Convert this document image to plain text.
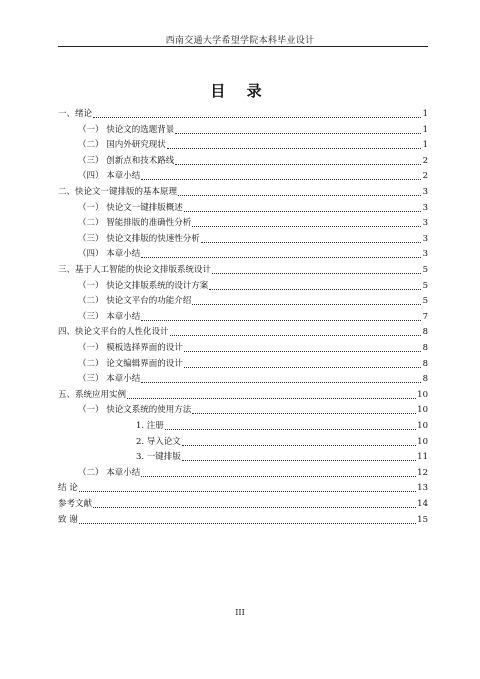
西南交通大学希望学院本科毕业设计
目 录
一、绪论	1
（一） 快论文的选题背景	1
（二） 国内外研究现状	1
（三） 创新点和技术路线	2
（四） 本章小结	2
二、快论文一键排版的基本原理	3
（一） 快论文一键排版概述	3
（二） 智能排版的准确性分析	3
（三） 快论文排版的快速性分析	3
（四） 本章小结	3
三、基于人工智能的快论文排版系统设计	5
（一） 快论文排版系统的设计方案	5
（二） 快论文平台的功能介绍	5
（三） 本章小结	7
四、快论文平台的人性化设计	8
（一） 模板选择界面的设计	8
（二） 论文编辑界面的设计	8
（三） 本章小结	8
五、系统应用实例	10
（一） 快论文系统的使用方法	10
1. 注册	10
2. 导入论文	10
3. 一键排版	11
（二） 本章小结	12
结 论	13
参考文献	14
致 谢	15
III
